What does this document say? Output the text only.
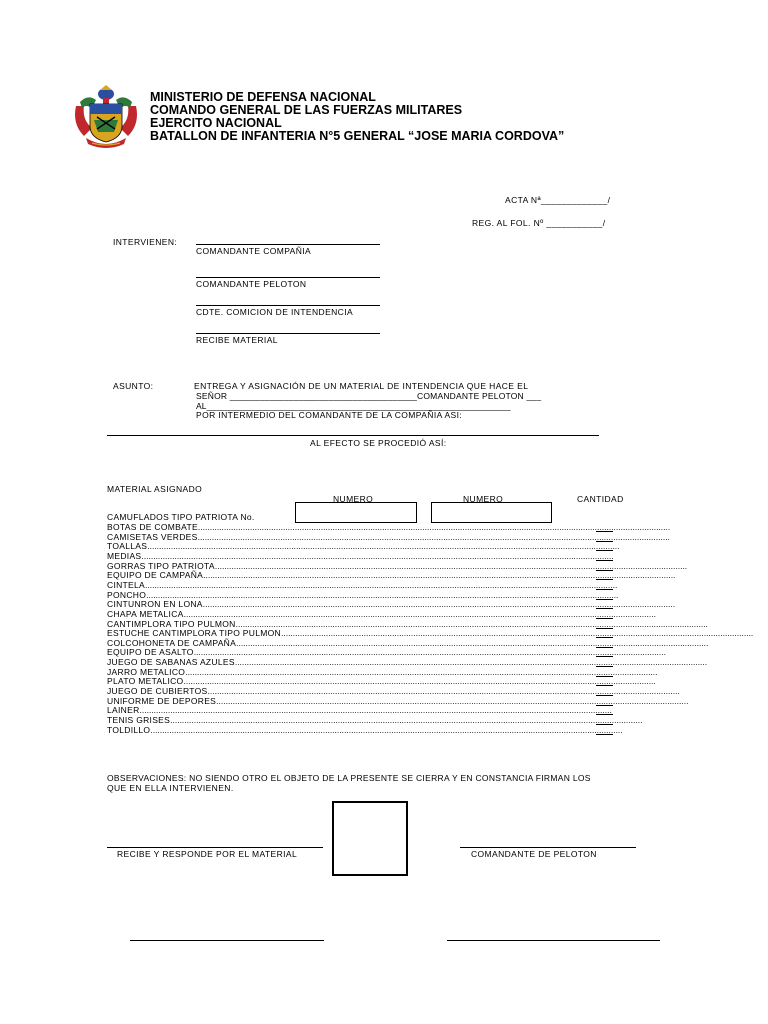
MINISTERIO DE DEFENSA NACIONAL
COMANDO GENERAL DE LAS FUERZAS MILITARES
EJERCITO NACIONAL
BATALLON DE INFANTERIA N°5 GENERAL “JOSE MARIA CORDOVA”
ACTA Nª_____________/
REG. AL FOL. Nº ___________/
INTERVIENEN:
COMANDANTE COMPAÑIA
COMANDANTE PELOTON
CDTE. COMICION DE INTENDENCIA
RECIBE MATERIAL
ASUNTO:	ENTREGA Y ASIGNACIÓN DE UN MATERIAL DE INTENDENCIA QUE HACE EL
SEÑOR ______________________________________COMANDANTE PELOTON ___
AL_______________________________________________________________
POR INTERMEDIO DEL COMANDANTE DE LA COMPAÑIA ASI:
AL EFECTO SE PROCEDIÓ ASÍ:
MATERIAL ASIGNADO
NUMERO	NUMERO	CANTIDAD
CAMUFLADOS TIPO PATRIOTA No.
BOTAS DE COMBATE........................................................................................................................................................................................................
CAMISETAS VERDES........................................................................................................................................................................................................
TOALLAS........................................................................................................................................................................................................
MEDIAS........................................................................................................................................................................................................
GORRAS TIPO PATRIOTA........................................................................................................................................................................................................
EQUIPO DE CAMPAÑA........................................................................................................................................................................................................
CINTELA........................................................................................................................................................................................................
PONCHO........................................................................................................................................................................................................
CINTUNRON EN LONA........................................................................................................................................................................................................
CHAPA METALICA........................................................................................................................................................................................................
CANTIMPLORA TIPO PULMON........................................................................................................................................................................................................
ESTUCHE CANTIMPLORA TIPO PULMON........................................................................................................................................................................................................
COLCOHONETA DE CAMPAÑA........................................................................................................................................................................................................
EQUIPO DE ASALTO........................................................................................................................................................................................................
JUEGO DE SABANAS AZULES........................................................................................................................................................................................................
JARRO METALICO........................................................................................................................................................................................................
PLATO METALICO........................................................................................................................................................................................................
JUEGO DE CUBIERTOS........................................................................................................................................................................................................
UNIFORME DE DEPORES........................................................................................................................................................................................................
LAINER........................................................................................................................................................................................................
TENIS GRISES........................................................................................................................................................................................................
TOLDILLO........................................................................................................................................................................................................
OBSERVACIONES: NO SIENDO OTRO EL OBJETO DE LA PRESENTE SE CIERRA Y EN CONSTANCIA FIRMAN LOS
QUE EN ELLA INTERVIENEN.
RECIBE Y RESPONDE POR EL MATERIAL	COMANDANTE DE PELOTON
